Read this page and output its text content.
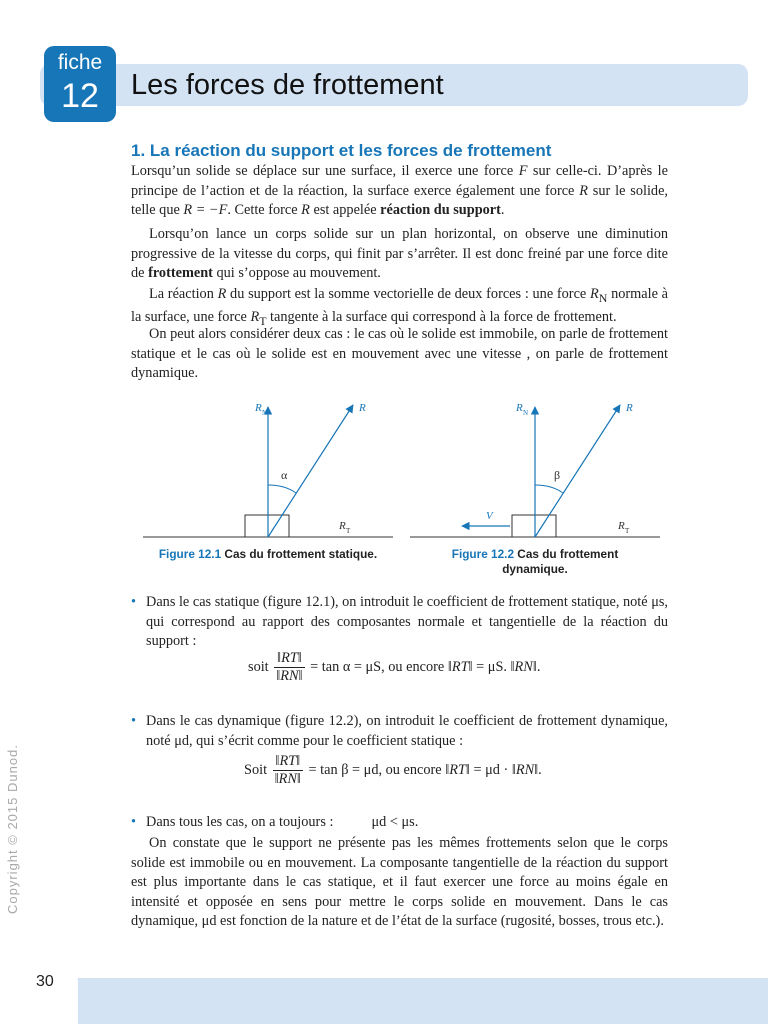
fiche
12	Les forces de frottement
1. La réaction du support et les forces de frottement
Lorsqu’un solide se déplace sur une surface, il exerce une force F sur celle-ci. D’après le principe de l’action et de la réaction, la surface exerce également une force R sur le solide, telle que R = −F. Cette force R est appelée réaction du support.
Lorsqu’on lance un corps solide sur un plan horizontal, on observe une diminution progressive de la vitesse du corps, qui finit par s’arrêter. Il est donc freiné par une force dite de frottement qui s’oppose au mouvement.
La réaction R du support est la somme vectorielle de deux forces : une force $R_N$ normale à la surface, une force $R_T$ tangente à la surface qui correspond à la force de frottement.
On peut alors considérer deux cas : le cas où le solide est immobile, on parle de frottement statique et le cas où le solide est en mouvement avec une vitesse , on parle de frottement dynamique.
R N	R
α
R T
Figure 12.1 Cas du frottement statique.
R N	R
β
V
R T
Figure 12.2 Cas du frottement dynamique.
• Dans le cas statique (figure 12.1), on introduit le coefficient de frottement statique, noté μs, qui correspond au rapport des composantes normale et tangentielle de la réaction du support :
soit $\frac{‖RT‖}{‖RN‖} = \tan \alpha = \mu S$, ou encore ‖RT‖ = μS. ‖RN‖.
• Dans le cas dynamique (figure 12.2), on introduit le coefficient de frottement dynamique, noté μd, qui s’écrit comme pour le coefficient statique :
Soit $\frac{‖RT‖}{‖RN‖} = \tan \beta = \mu d$, ou encore ‖RT‖ = μd · ‖RN‖.
• Dans tous les cas, on a toujours :	μd < μs.
On constate que le support ne présente pas les mêmes frottements selon que le corps solide est immobile ou en mouvement. La composante tangentielle de la réaction du support est plus importante dans le cas statique, et il faut exercer une force au moins égale en intensité et opposée en sens pour mettre le corps solide en mouvement. Dans le cas dynamique, μd est fonction de la nature et de l’état de la surface (rugosité, bosses, trous etc.).
Copyright © 2015 Dunod.
30
